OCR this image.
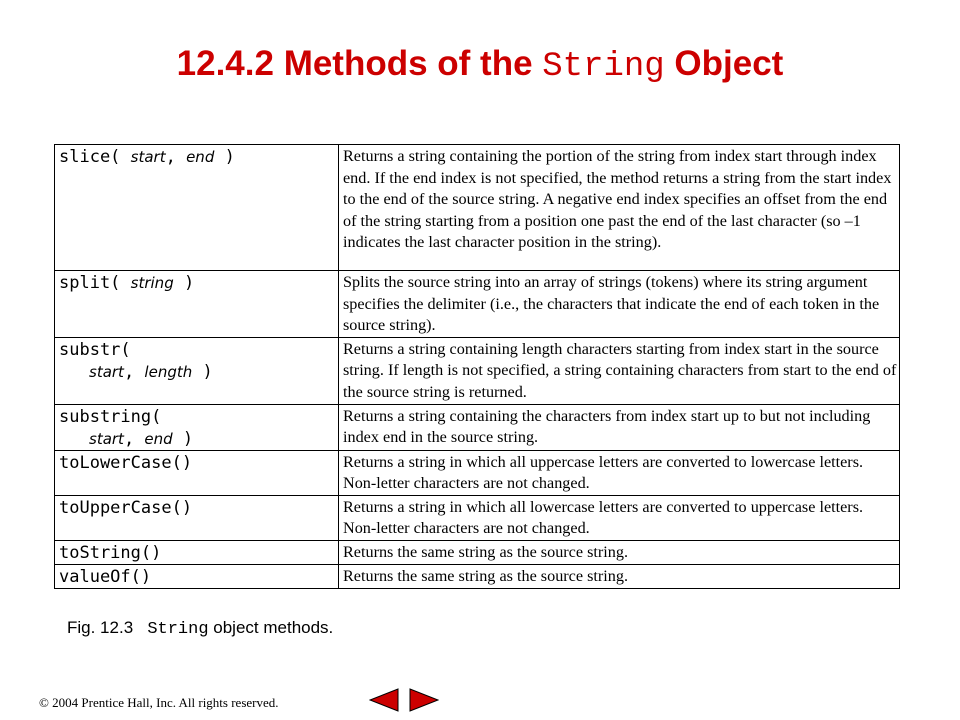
12.4.2 Methods of the String Object
slice( start, end )	Returns a string containing the portion of the string from index start through index end. If the end index is not specified, the method returns a string from the start index to the end of the source string. A negative end index specifies an offset from the end of the string starting from a position one past the end of the last character (so –1 indicates the last character position in the string).
split( string )	Splits the source string into an array of strings (tokens) where its string argument specifies the delimiter (i.e., the characters that indicate the end of each token in the source string).
substr(
start, length )	Returns a string containing length characters starting from index start in the source string. If length is not specified, a string containing characters from start to the end of the source string is returned.
substring(
start, end )	Returns a string containing the characters from index start up to but not including index end in the source string.
toLowerCase()	Returns a string in which all uppercase letters are converted to lowercase letters. Non-letter characters are not changed.
toUpperCase()	Returns a string in which all lowercase letters are converted to uppercase letters. Non-letter characters are not changed.
toString()	Returns the same string as the source string.
valueOf()	Returns the same string as the source string.
Fig. 12.3 String object methods.
© 2004 Prentice Hall, Inc. All rights reserved.
